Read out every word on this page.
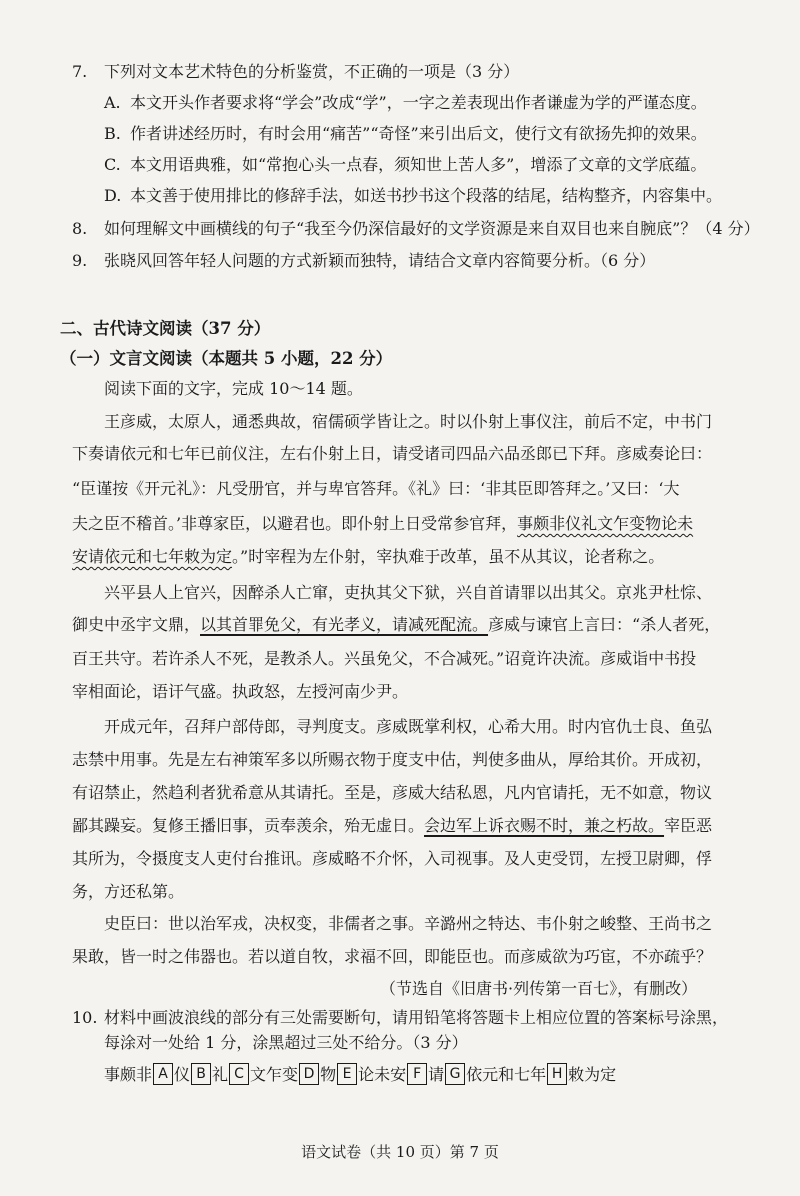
7. 下列对文本艺术特色的分析鉴赏，不正确的一项是（3 分）
A. 本文开头作者要求将“学会”改成“学”，一字之差表现出作者谦虚为学的严谨态度。
B. 作者讲述经历时，有时会用“痛苦”“奇怪”来引出后文，使行文有欲扬先抑的效果。
C. 本文用语典雅，如“常抱心头一点春，须知世上苦人多”，增添了文章的文学底蕴。
D. 本文善于使用排比的修辞手法，如送书抄书这个段落的结尾，结构整齐，内容集中。
8. 如何理解文中画横线的句子“我至今仍深信最好的文学资源是来自双目也来自腕底”？（4 分）
9. 张晓风回答年轻人问题的方式新颖而独特，请结合文章内容简要分析。（6 分）
二、古代诗文阅读（37 分）
（一）文言文阅读（本题共 5 小题，22 分）
阅读下面的文字，完成 10～14 题。
王彦威，太原人，通悉典故，宿儒硕学皆让之。时以仆射上事仪注，前后不定，中书门
下奏请依元和七年已前仪注，左右仆射上日，请受诸司四品六品丞郎已下拜。彦威奏论曰：
“臣谨按《开元礼》：凡受册官，并与卑官答拜。《礼》曰：‘非其臣即答拜之。’又曰：‘大
夫之臣不稽首。’非尊家臣，以避君也。即仆射上日受常参官拜，事颇非仪礼文乍变物论未
安请依元和七年敕为定。”时宰程为左仆射，宰执难于改革，虽不从其议，论者称之。
兴平县人上官兴，因醉杀人亡窜，吏执其父下狱，兴自首请罪以出其父。京兆尹杜悰、
御史中丞宇文鼎，以其首罪免父，有光孝义，请减死配流。彦威与谏官上言曰：“杀人者死，
百王共守。若许杀人不死，是教杀人。兴虽免父，不合减死。”诏竟许决流。彦威诣中书投
宰相面论，语讦气盛。执政怒，左授河南少尹。
开成元年，召拜户部侍郎，寻判度支。彦威既掌利权，心希大用。时内官仇士良、鱼弘
志禁中用事。先是左右神策军多以所赐衣物于度支中估，判使多曲从，厚给其价。开成初，
有诏禁止，然趋利者犹希意从其请托。至是，彦威大结私恩，凡内官请托，无不如意，物议
鄙其躁妄。复修王播旧事，贡奉羡余，殆无虚日。会边军上诉衣赐不时，兼之朽故。宰臣恶
其所为，令摄度支人吏付台推讯。彦威略不介怀，入司视事。及人吏受罚，左授卫尉卿，俘
务，方还私第。
史臣曰：世以治军戎，决权变，非儒者之事。辛潞州之特达、韦仆射之峻整、王尚书之
果敢，皆一时之伟器也。若以道自牧，求福不回，即能臣也。而彦威欲为巧宦，不亦疏乎？
（节选自《旧唐书·列传第一百七》，有删改）
10. 材料中画波浪线的部分有三处需要断句，请用铅笔将答题卡上相应位置的答案标号涂黑，
每涂对一处给 1 分，涂黑超过三处不给分。（3 分）
事颇非 A 仪 B 礼 C 文乍变 D 物 E 论未安 F 请 G 依元和七年 H 敕为定
语文试卷（共 10 页）第 7 页
